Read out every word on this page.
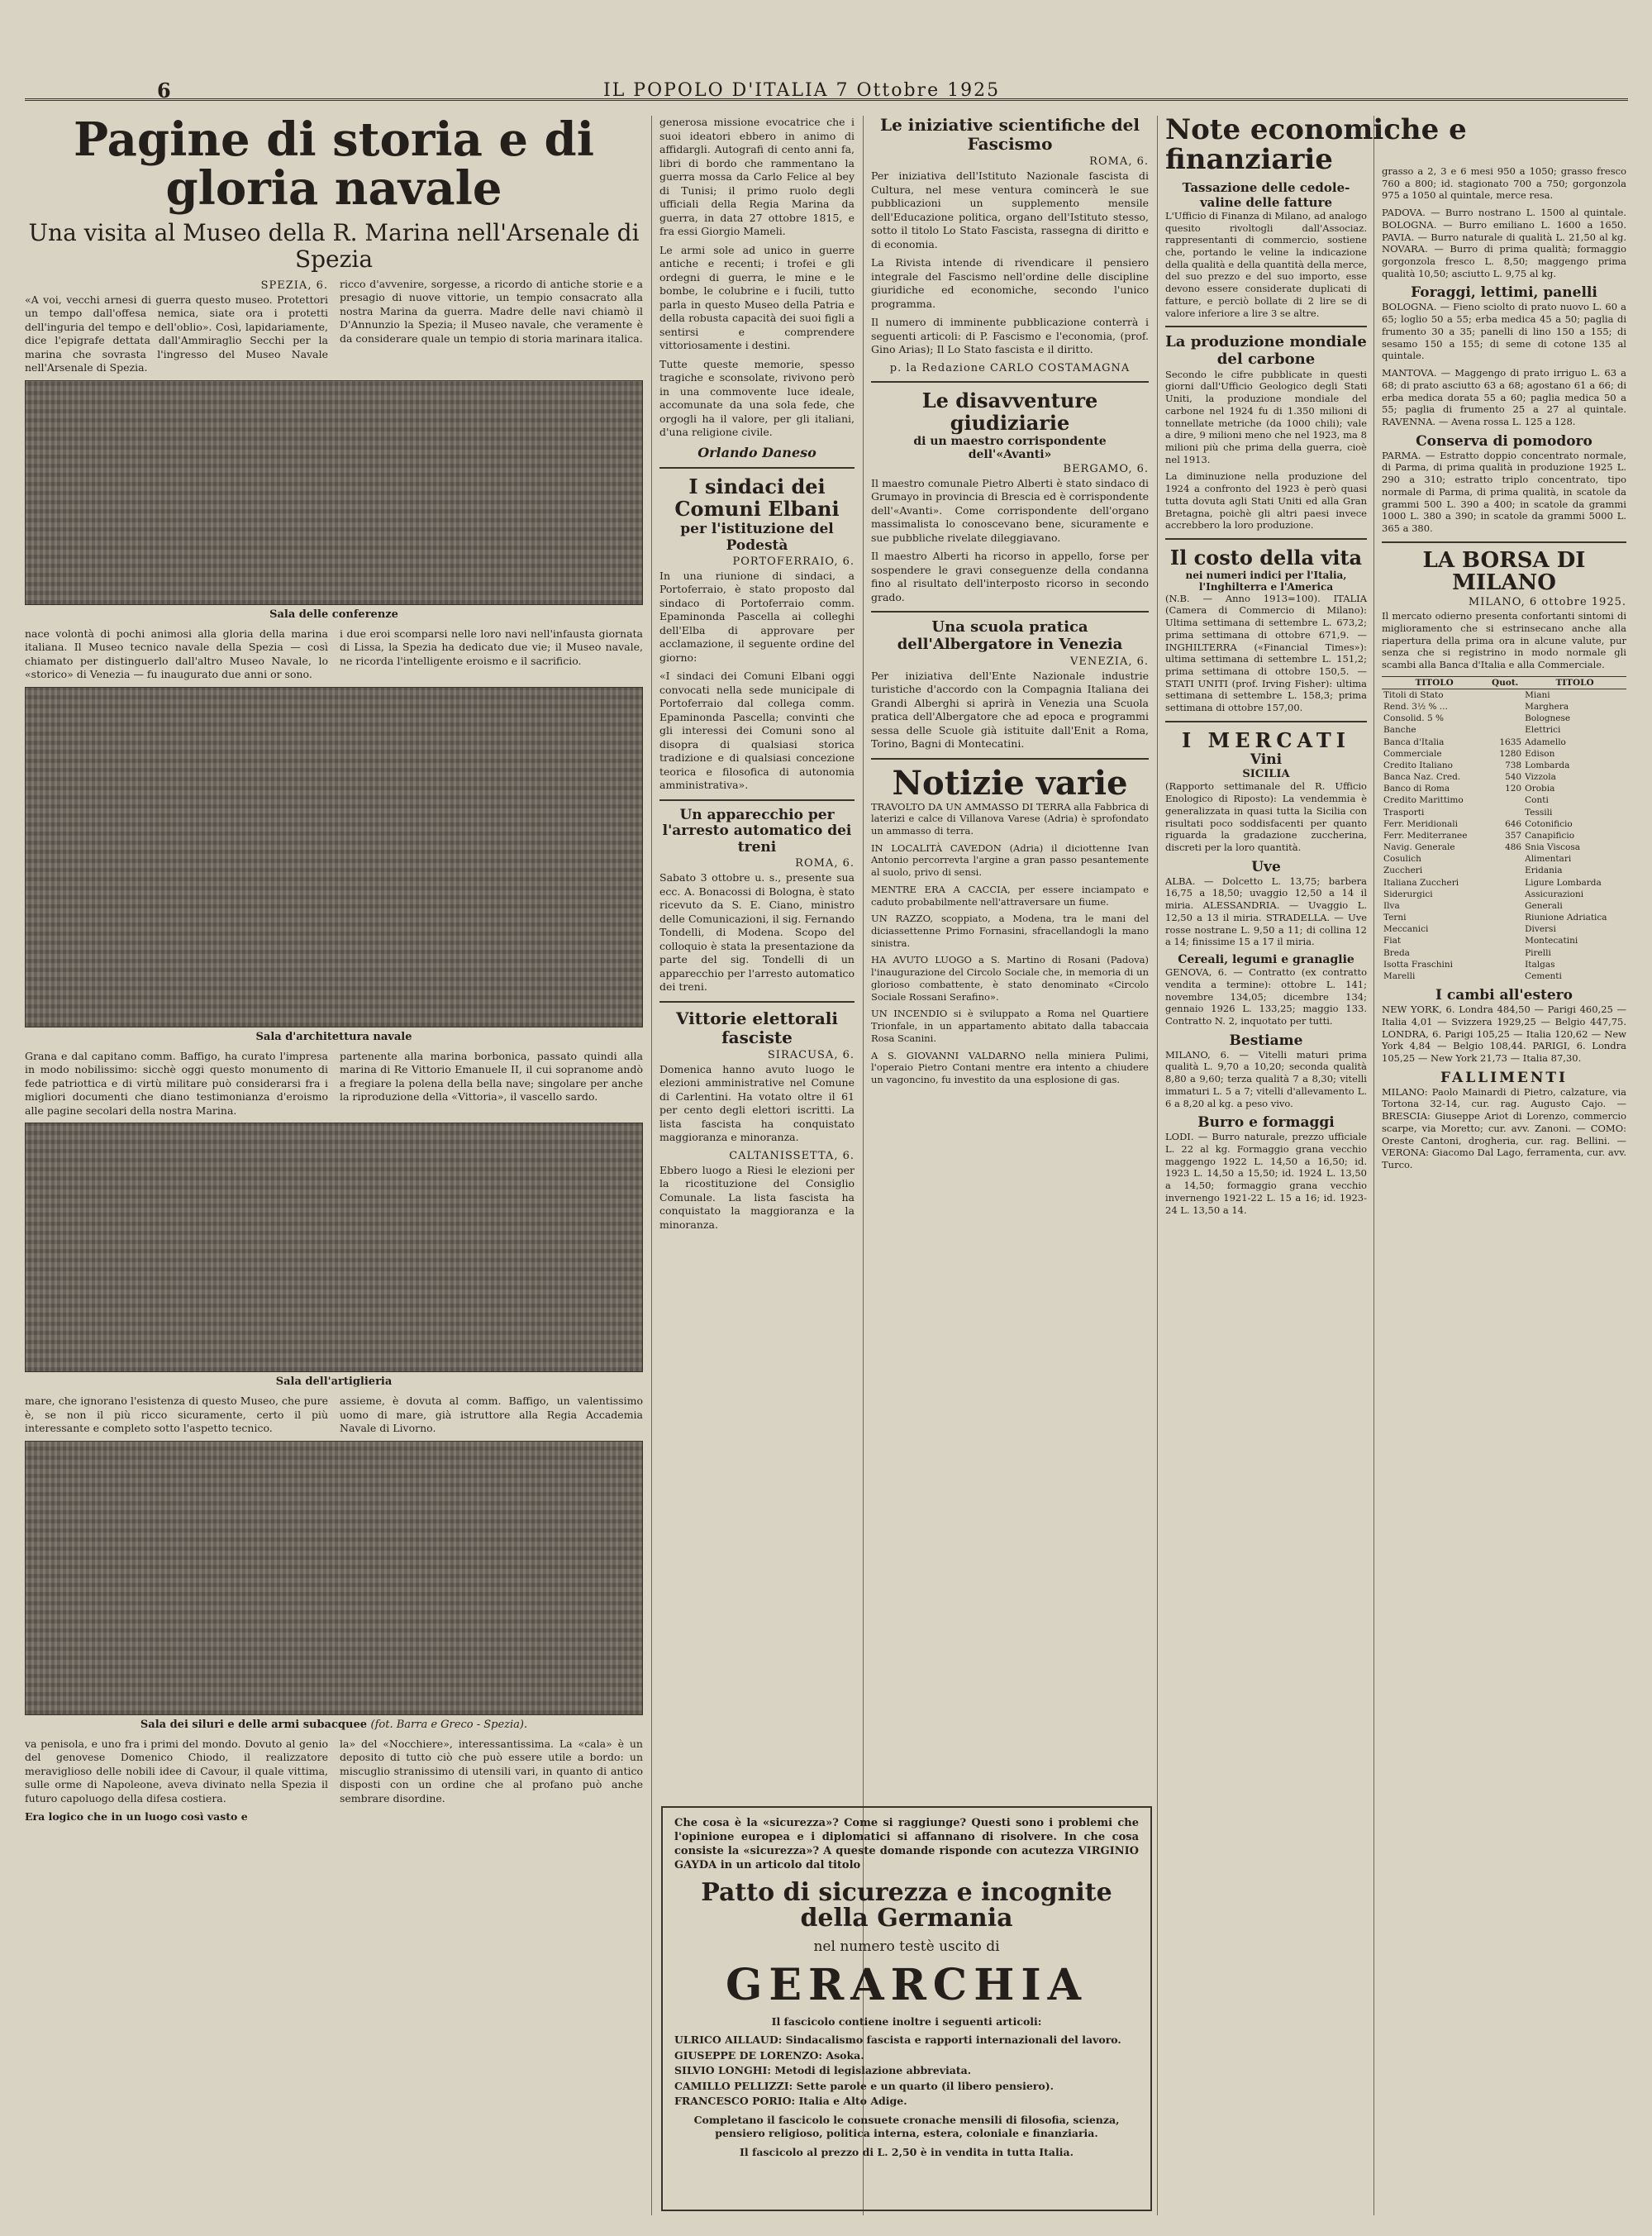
6	IL POPOLO D'ITALIA 7 Ottobre 1925
Pagine di storia e di gloria navale
Una visita al Museo della R. Marina nell'Arsenale di Spezia
SPEZIA, 6.

«A voi, vecchi arnesi di guerra questo museo. Protettori un tempo dall'offesa nemica, siate ora i protetti dell'inguria del tempo e dell'oblio». Così, lapidariamente, dice l'epigrafe dettata dall'Ammiraglio Secchi per la marina che sovrasta l'ingresso del Museo Navale nell'Arsenale di Spezia.

ricco d'avvenire, sorgesse, a ricordo di antiche storie e a presagio di nuove vittorie, un tempio consacrato alla nostra Marina da guerra. Madre delle navi chiamò il D'Annunzio la Spezia; il Museo navale, che veramente è da considerare quale un tempio di storia marinara italica.

Sala delle conferenze

nace volontà di pochi animosi alla gloria della marina italiana. Il Museo tecnico navale della Spezia — così chiamato per distinguerlo dall'altro Museo Navale, lo «storico» di Venezia — fu inaugurato due anni or sono.

i due eroi scomparsi nelle loro navi nell'infausta giornata di Lissa, la Spezia ha dedicato due vie; il Museo navale, ne ricorda l'intelligente eroismo e il sacrificio.

Sala d'architettura navale

Grana e dal capitano comm. Baffigo, ha curato l'impresa in modo nobilissimo: sicchè oggi questo monumento di fede patriottica e di virtù militare può considerarsi fra i migliori documenti che diano testimonianza d'eroismo alle pagine secolari della nostra Marina.

partenente alla marina borbonica, passato quindi alla marina di Re Vittorio Emanuele II, il cui sopranome andò a fregiare la polena della bella nave; singolare per anche la riproduzione della «Vittoria», il vascello sardo.

Sala dell'artiglieria

mare, che ignorano l'esistenza di questo Museo, che pure è, se non il più ricco sicuramente, certo il più interessante e completo sotto l'aspetto tecnico.

assieme, è dovuta al comm. Baffigo, un valentissimo uomo di mare, già istruttore alla Regia Accademia Navale di Livorno.

Sala dei siluri e delle armi subacquee (fot. Barra e Greco - Spezia).

va penisola, e uno fra i primi del mondo. Dovuto al genio del genovese Domenico Chiodo, il realizzatore meraviglioso delle nobili idee di Cavour, il quale vittima, sulle orme di Napoleone, aveva divinato nella Spezia il futuro capoluogo della difesa costiera.

la» del «Nocchiere», interessantissima. La «cala» è un deposito di tutto ciò che può essere utile a bordo: un miscuglio stranissimo di utensili vari, in quanto di antico disposti con un ordine che al profano può anche sembrare disordine.

Era logico che in un luogo così vasto e

generosa missione evocatrice che i suoi ideatori ebbero in animo di affidargli. Autografi di cento anni fa, libri di bordo che rammentano la guerra mossa da Carlo Felice al bey di Tunisi; il primo ruolo degli ufficiali della Regia Marina da guerra, in data 27 ottobre 1815, e fra essi Giorgio Mameli.

Le armi sole ad unico in guerre antiche e recenti; i trofei e gli ordegni di guerra, le mine e le bombe, le colubrine e i fucili, tutto parla in questo Museo della Patria e della robusta capacità dei suoi figli a sentirsi e comprendere vittoriosamente i destini.

Tutte queste memorie, spesso tragiche e sconsolate, rivivono però in una commovente luce ideale, accomunate da una sola fede, che orgogli ha il valore, per gli italiani, d'una religione civile.

Orlando Daneso
I sindaci dei Comuni Elbani
per l'istituzione del Podestà
PORTOFERRAIO, 6.

In una riunione di sindaci, a Portoferraio, è stato proposto dal sindaco di Portoferraio comm. Epaminonda Pascella ai colleghi dell'Elba di approvare per acclamazione, il seguente ordine del giorno:

«I sindaci dei Comuni Elbani oggi convocati nella sede municipale di Portoferraio dal collega comm. Epaminonda Pascella; convinti che gli interessi dei Comuni sono al disopra di qualsiasi storica tradizione e di qualsiasi concezione teorica e filosofica di autonomia amministrativa».

Un apparecchio per l'arresto automatico dei treni
ROMA, 6.

Sabato 3 ottobre u. s., presente sua ecc. A. Bonacossi di Bologna, è stato ricevuto da S. E. Ciano, ministro delle Comunicazioni, il sig. Fernando Tondelli, di Modena. Scopo del colloquio è stata la presentazione da parte del sig. Tondelli di un apparecchio per l'arresto automatico dei treni.

Vittorie elettorali fasciste
SIRACUSA, 6.

Domenica hanno avuto luogo le elezioni amministrative nel Comune di Carlentini. Ha votato oltre il 61 per cento degli elettori iscritti. La lista fascista ha conquistato maggioranza e minoranza.

CALTANISSETTA, 6.

Ebbero luogo a Riesi le elezioni per la ricostituzione del Consiglio Comunale. La lista fascista ha conquistato la maggioranza e la minoranza.

Le iniziative scientifiche del Fascismo
ROMA, 6.

Per iniziativa dell'Istituto Nazionale fascista di Cultura, nel mese ventura comincerà le sue pubblicazioni un supplemento mensile dell'Educazione politica, organo dell'Istituto stesso, sotto il titolo Lo Stato Fascista, rassegna di diritto e di economia.

La Rivista intende di rivendicare il pensiero integrale del Fascismo nell'ordine delle discipline giuridiche ed economiche, secondo l'unico programma.

Il numero di imminente pubblicazione conterrà i seguenti articoli: di P. Fascismo e l'economia, (prof. Gino Arias); Il Lo Stato fascista e il diritto.

p. la Redazione CARLO COSTAMAGNA
Le disavventure giudiziarie
di un maestro corrispondente dell'«Avanti»
BERGAMO, 6.

Il maestro comunale Pietro Alberti è stato sindaco di Grumayo in provincia di Brescia ed è corrispondente dell'«Avanti». Come corrispondente dell'organo massimalista lo conoscevano bene, sicuramente e sue pubbliche rivelate dileggiavano.

Il maestro Alberti ha ricorso in appello, forse per sospendere le gravi conseguenze della condanna fino al risultato dell'interposto ricorso in secondo grado.

Una scuola pratica dell'Albergatore in Venezia
VENEZIA, 6.

Per iniziativa dell'Ente Nazionale industrie turistiche d'accordo con la Compagnia Italiana dei Grandi Alberghi si aprirà in Venezia una Scuola pratica dell'Albergatore che ad epoca e programmi sessa delle Scuole già istituite dall'Enit a Roma, Torino, Bagni di Montecatini.

Notizie varie

TRAVOLTO DA UN AMMASSO DI TERRA alla Fabbrica di laterizi e calce di Villanova Varese (Adria) è sprofondato un ammasso di terra.

IN LOCALITÀ CAVEDON (Adria) il diciottenne Ivan Antonio percorrevta l'argine a gran passo pesantemente al suolo, privo di sensi.

MENTRE ERA A CACCIA, per essere inciampato e caduto probabilmente nell'attraversare un fiume.

UN RAZZO, scoppiato, a Modena, tra le mani del diciassettenne Primo Fornasini, sfracellandogli la mano sinistra.

HA AVUTO LUOGO a S. Martino di Rosani (Padova) l'inaugurazione del Circolo Sociale che, in memoria di un glorioso combattente, è stato denominato «Circolo Sociale Rossani Serafino».

UN INCENDIO si è sviluppato a Roma nel Quartiere Trionfale, in un appartamento abitato dalla tabaccaia Rosa Scanini.

A S. GIOVANNI VALDARNO nella miniera Pulimi, l'operaio Pietro Contani mentre era intento a chiudere un vagoncino, fu investito da una esplosione di gas.

Note economiche e finanziarie
Tassazione delle cedole-valine delle fatture

L'Ufficio di Finanza di Milano, ad analogo quesito rivoltogli dall'Associaz. rappresentanti di commercio, sostiene che, portando le veline la indicazione della qualità e della quantità della merce, del suo prezzo e del suo importo, esse devono essere considerate duplicati di fatture, e perciò bollate di 2 lire se di valore inferiore a lire 3 se altre.

La produzione mondiale del carbone

Secondo le cifre pubblicate in questi giorni dall'Ufficio Geologico degli Stati Uniti, la produzione mondiale del carbone nel 1924 fu di 1.350 milioni di tonnellate metriche (da 1000 chili); vale a dire, 9 milioni meno che nel 1923, ma 8 milioni più che prima della guerra, cioè nel 1913.

La diminuzione nella produzione del 1924 a confronto del 1923 è però quasi tutta dovuta agli Stati Uniti ed alla Gran Bretagna, poichè gli altri paesi invece accrebbero la loro produzione.

Il costo della vita
nei numeri indici per l'Italia, l'Inghilterra e l'America

(N.B. — Anno 1913=100). ITALIA (Camera di Commercio di Milano): Ultima settimana di settembre L. 673,2; prima settimana di ottobre 671,9. — INGHILTERRA («Financial Times»): ultima settimana di settembre L. 151,2; prima settimana di ottobre 150,5. — STATI UNITI (prof. Irving Fisher): ultima settimana di settembre L. 158,3; prima settimana di ottobre 157,00.

I MERCATI
Vini
SICILIA

(Rapporto settimanale del R. Ufficio Enologico di Riposto): La vendemmia è generalizzata in quasi tutta la Sicilia con risultati poco soddisfacenti per quanto riguarda la gradazione zuccherina, discreti per la loro quantità.

Uve

ALBA. — Dolcetto L. 13,75; barbera 16,75 a 18,50; uvaggio 12,50 a 14 il miria. ALESSANDRIA. — Uvaggio L. 12,50 a 13 il miria. STRADELLA. — Uve rosse nostrane L. 9,50 a 11; di collina 12 a 14; finissime 15 a 17 il miria.

Cereali, legumi e granaglie

GENOVA, 6. — Contratto (ex contratto vendita a termine): ottobre L. 141; novembre 134,05; dicembre 134; gennaio 1926 L. 133,25; maggio 133. Contratto N. 2, inquotato per tutti.

Bestiame

MILANO, 6. — Vitelli maturi prima qualità L. 9,70 a 10,20; seconda qualità 8,80 a 9,60; terza qualità 7 a 8,30; vitelli immaturi L. 5 a 7; vitelli d'allevamento L. 6 a 8,20 al kg. a peso vivo.

Burro e formaggi

LODI. — Burro naturale, prezzo ufficiale L. 22 al kg. Formaggio grana vecchio maggengo 1922 L. 14,50 a 16,50; id. 1923 L. 14,50 a 15,50; id. 1924 L. 13,50 a 14,50; formaggio grana vecchio invernengo 1921-22 L. 15 a 16; id. 1923-24 L. 13,50 a 14.

grasso a 2, 3 e 6 mesi 950 a 1050; grasso fresco 760 a 800; id. stagionato 700 a 750; gorgonzola 975 a 1050 al quintale, merce resa.

PADOVA. — Burro nostrano L. 1500 al quintale. BOLOGNA. — Burro emiliano L. 1600 a 1650. PAVIA. — Burro naturale di qualità L. 21,50 al kg. NOVARA. — Burro di prima qualità; formaggio gorgonzola fresco L. 8,50; maggengo prima qualità 10,50; asciutto L. 9,75 al kg.

Foraggi, lettimi, panelli

BOLOGNA. — Fieno sciolto di prato nuovo L. 60 a 65; loglio 50 a 55; erba medica 45 a 50; paglia di frumento 30 a 35; panelli di lino 150 a 155; di sesamo 150 a 155; di seme di cotone 135 al quintale.

MANTOVA. — Maggengo di prato irriguo L. 63 a 68; di prato asciutto 63 a 68; agostano 61 a 66; di erba medica dorata 55 a 60; paglia medica 50 a 55; paglia di frumento 25 a 27 al quintale. RAVENNA. — Avena rossa L. 125 a 128.

Conserva di pomodoro

PARMA. — Estratto doppio concentrato normale, di Parma, di prima qualità in produzione 1925 L. 290 a 310; estratto triplo concentrato, tipo normale di Parma, di prima qualità, in scatole da grammi 500 L. 390 a 400; in scatole da grammi 1000 L. 380 a 390; in scatole da grammi 5000 L. 365 a 380.

LA BORSA DI MILANO
MILANO, 6 ottobre 1925.

Il mercato odierno presenta confortanti sintomi di miglioramento che si estrinsecano anche alla riapertura della prima ora in alcune valute, pur senza che si registrino in modo normale gli scambi alla Banca d'Italia e alla Commerciale.

TITOLO	Quot.	TITOLO
Titoli di Stato		Miani
Rend. 3½ % ...		Marghera
Consolid. 5 %		Bolognese
Banche		Elettrici
Banca d'Italia	1635	Adamello
Commerciale	1280	Edison
Credito Italiano	738	Lombarda
Banca Naz. Cred.	540	Vizzola
Banco di Roma	120	Orobia
Credito Marittimo		Conti
Trasporti		Tessili
Ferr. Meridionali	646	Cotonificio
Ferr. Mediterranee	357	Canapificio
Navig. Generale	486	Snia Viscosa
Cosulich		Alimentari
Zuccheri		Eridania
Italiana Zuccheri		Ligure Lombarda
Siderurgici		Assicurazioni
Ilva		Generali
Terni		Riunione Adriatica
Meccanici		Diversi
Fiat		Montecatini
Breda		Pirelli
Isotta Fraschini		Italgas
Marelli		Cementi
I cambi all'estero

NEW YORK, 6. Londra 484,50 — Parigi 460,25 — Italia 4,01 — Svizzera 1929,25 — Belgio 447,75. LONDRA, 6. Parigi 105,25 — Italia 120,62 — New York 4,84 — Belgio 108,44. PARIGI, 6. Londra 105,25 — New York 21,73 — Italia 87,30.

FALLIMENTI

MILANO: Paolo Mainardi di Pietro, calzature, via Tortona 32-14, cur. rag. Augusto Cajo. — BRESCIA: Giuseppe Ariot di Lorenzo, commercio scarpe, via Moretto; cur. avv. Zanoni. — COMO: Oreste Cantoni, drogheria, cur. rag. Bellini. — VERONA: Giacomo Dal Lago, ferramenta, cur. avv. Turco.

Che cosa è la «sicurezza»? Come si raggiunge? Questi sono i problemi che l'opinione europea e i diplomatici si affannano di risolvere. In che cosa consiste la «sicurezza»? A queste domande risponde con acutezza VIRGINIO GAYDA in un articolo dal titolo

Patto di sicurezza e incognite della Germania
nel numero testè uscito di
GERARCHIA

Il fascicolo contiene inoltre i seguenti articoli:

ULRICO AILLAUD: Sindacalismo fascista e rapporti internazionali del lavoro.

GIUSEPPE DE LORENZO: Asoka.

SILVIO LONGHI: Metodi di legislazione abbreviata.

CAMILLO PELLIZZI: Sette parole e un quarto (il libero pensiero).

FRANCESCO PORIO: Italia e Alto Adige.

Completano il fascicolo le consuete cronache mensili di filosofia, scienza, pensiero religioso, politica interna, estera, coloniale e finanziaria.

Il fascicolo al prezzo di L. 2,50 è in vendita in tutta Italia.
